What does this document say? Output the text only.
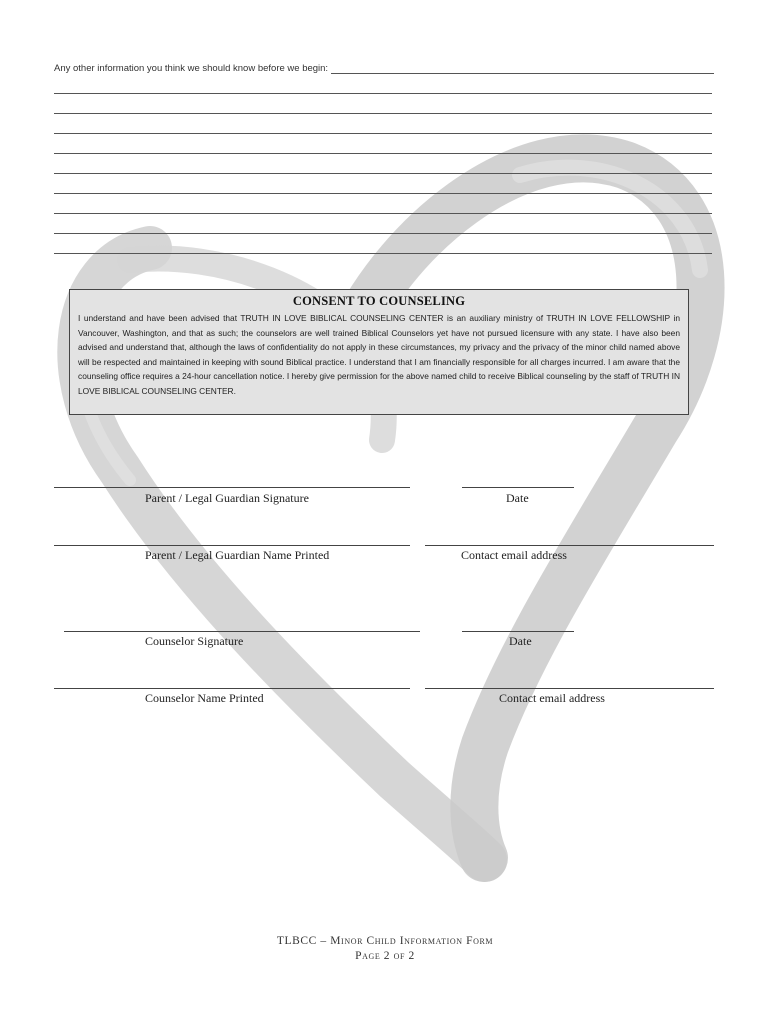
Any other information you think we should know before we begin:
CONSENT TO COUNSELING

I understand and have been advised that TRUTH IN LOVE BIBLICAL COUNSELING CENTER is an auxiliary ministry of TRUTH IN LOVE FELLOWSHIP in Vancouver, Washington, and that as such; the counselors are well trained Biblical Counselors yet have not pursued licensure with any state. I have also been advised and understand that, although the laws of confidentiality do not apply in these circumstances, my privacy and the privacy of the minor child named above will be respected and maintained in keeping with sound Biblical practice. I understand that I am financially responsible for all charges incurred. I am aware that the counseling office requires a 24-hour cancellation notice. I hereby give permission for the above named child to receive Biblical counseling by the staff of TRUTH IN LOVE BIBLICAL COUNSELING CENTER.

Parent / Legal Guardian Signature	Date
Parent / Legal Guardian Name Printed	Contact email address
Counselor Signature	Date
Counselor Name Printed	Contact email address
TLBCC – Minor Child Information Form
Page 2 of 2
